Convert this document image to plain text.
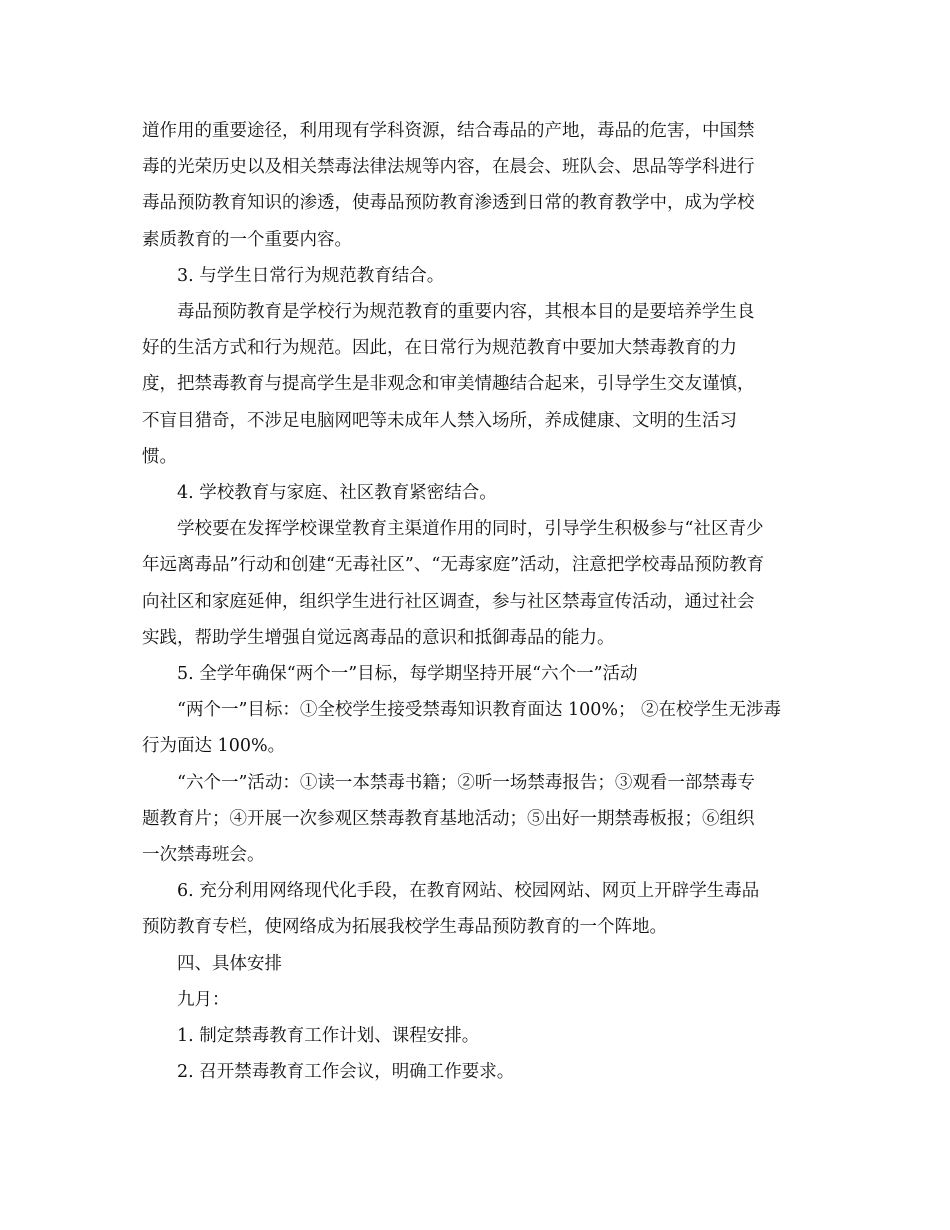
道作用的重要途径，利用现有学科资源，结合毒品的产地，毒品的危害，中国禁

毒的光荣历史以及相关禁毒法律法规等内容，在晨会、班队会、思品等学科进行

毒品预防教育知识的渗透，使毒品预防教育渗透到日常的教育教学中，成为学校

素质教育的一个重要内容。

3. 与学生日常行为规范教育结合。

毒品预防教育是学校行为规范教育的重要内容，其根本目的是要培养学生良

好的生活方式和行为规范。因此，在日常行为规范教育中要加大禁毒教育的力

度，把禁毒教育与提高学生是非观念和审美情趣结合起来，引导学生交友谨慎，

不盲目猎奇，不涉足电脑网吧等未成年人禁入场所，养成健康、文明的生活习

惯。

4. 学校教育与家庭、社区教育紧密结合。

学校要在发挥学校课堂教育主渠道作用的同时，引导学生积极参与“社区青少

年远离毒品”行动和创建“无毒社区”、“无毒家庭”活动，注意把学校毒品预防教育

向社区和家庭延伸，组织学生进行社区调查，参与社区禁毒宣传活动，通过社会

实践，帮助学生增强自觉远离毒品的意识和抵御毒品的能力。

5. 全学年确保“两个一”目标，每学期坚持开展“六个一”活动

“两个一”目标：①全校学生接受禁毒知识教育面达 100%； ②在校学生无涉毒

行为面达 100%。

“六个一”活动：①读一本禁毒书籍；②听一场禁毒报告；③观看一部禁毒专

题教育片；④开展一次参观区禁毒教育基地活动；⑤出好一期禁毒板报；⑥组织

一次禁毒班会。

6. 充分利用网络现代化手段，在教育网站、校园网站、网页上开辟学生毒品

预防教育专栏，使网络成为拓展我校学生毒品预防教育的一个阵地。

四、具体安排

九月：

1. 制定禁毒教育工作计划、课程安排。

2. 召开禁毒教育工作会议，明确工作要求。
